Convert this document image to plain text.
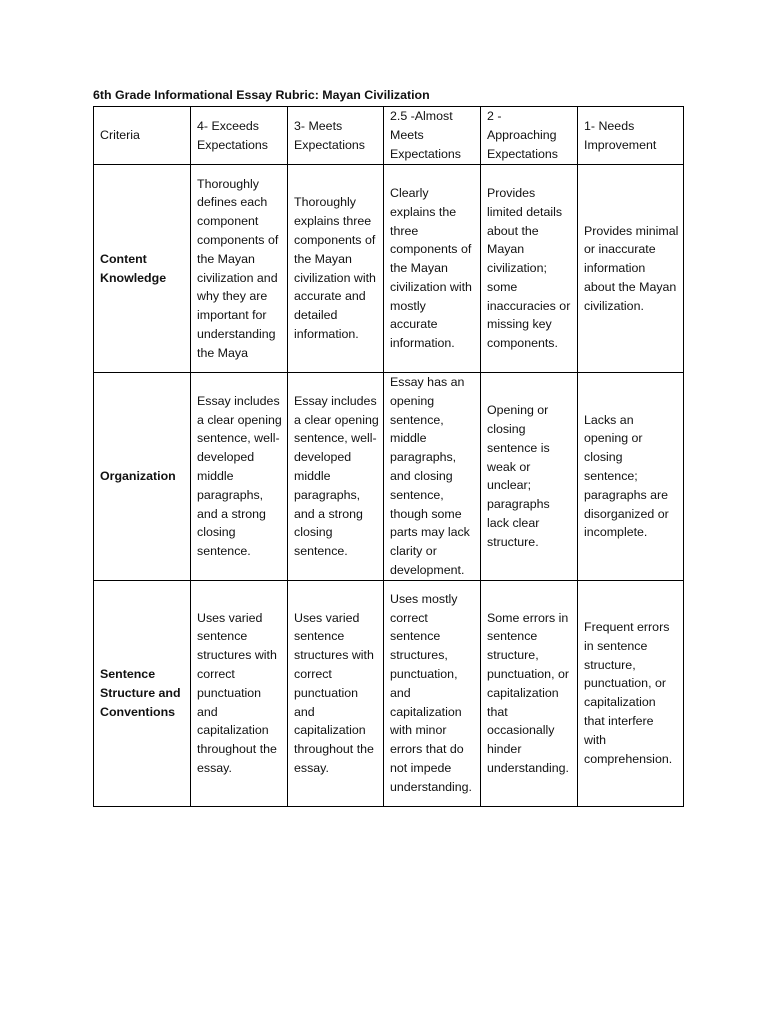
6th Grade Informational Essay Rubric: Mayan Civilization
Criteria	4- Exceeds Expectations	3- Meets Expectations	2.5 -Almost Meets Expectations	2 - Approaching Expectations	1- Needs Improvement
Content Knowledge	Thoroughly defines each component components of the Mayan civilization and why they are important for understanding the Maya	Thoroughly explains three components of the Mayan civilization with accurate and detailed information.	Clearly explains the three components of the Mayan civilization with mostly accurate information.	Provides limited details about the Mayan civilization; some inaccuracies or missing key components.	Provides minimal or inaccurate information about the Mayan civilization.
Organization	Essay includes a clear opening sentence, well-developed middle paragraphs, and a strong closing sentence.	Essay includes a clear opening sentence, well-developed middle paragraphs, and a strong closing sentence.	Essay has an opening sentence, middle paragraphs, and closing sentence, though some parts may lack clarity or development.	Opening or closing sentence is weak or unclear; paragraphs lack clear structure.	Lacks an opening or closing sentence; paragraphs are disorganized or incomplete.
Sentence Structure and Conventions	Uses varied sentence structures with correct punctuation and capitalization throughout the essay.	Uses varied sentence structures with correct punctuation and capitalization throughout the essay.	Uses mostly correct sentence structures, punctuation, and capitalization with minor errors that do not impede understanding.	Some errors in sentence structure, punctuation, or capitalization that occasionally hinder understanding.	Frequent errors in sentence structure, punctuation, or capitalization that interfere with comprehension.
